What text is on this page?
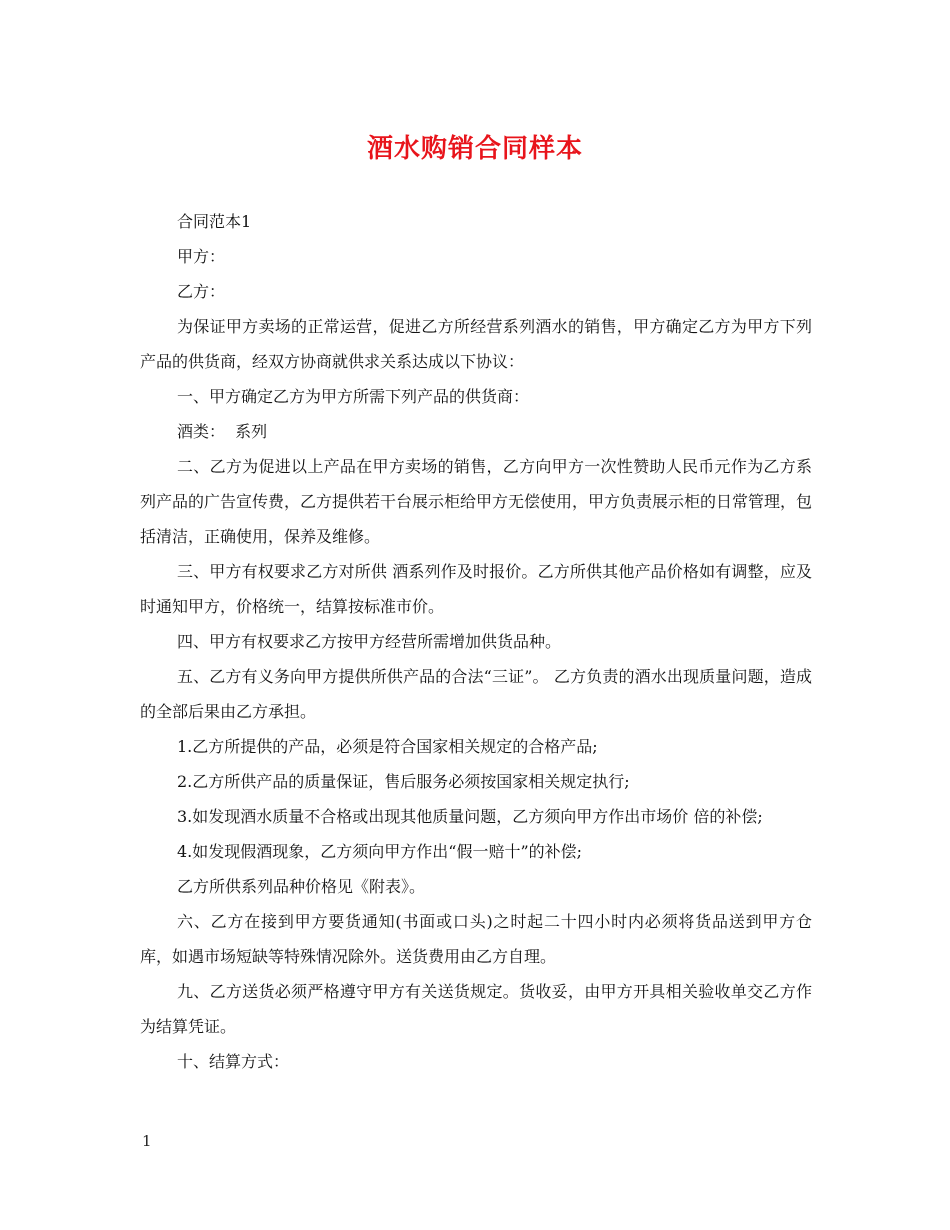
酒水购销合同样本

合同范本1

甲方：

乙方：

为保证甲方卖场的正常运营，促进乙方所经营系列酒水的销售，甲方确定乙方为甲方下列产品的供货商，经双方协商就供求关系达成以下协议：

一、甲方确定乙方为甲方所需下列产品的供货商：

酒类：  系列

二、乙方为促进以上产品在甲方卖场的销售，乙方向甲方一次性赞助人民币元作为乙方系列产品的广告宣传费，乙方提供若干台展示柜给甲方无偿使用，甲方负责展示柜的日常管理，包括清洁，正确使用，保养及维修。

三、甲方有权要求乙方对所供 酒系列作及时报价。乙方所供其他产品价格如有调整，应及时通知甲方，价格统一，结算按标准市价。

四、甲方有权要求乙方按甲方经营所需增加供货品种。

五、乙方有义务向甲方提供所供产品的合法“三证”。 乙方负责的酒水出现质量问题，造成的全部后果由乙方承担。

1.乙方所提供的产品，必须是符合国家相关规定的合格产品;

2.乙方所供产品的质量保证，售后服务必须按国家相关规定执行;

3.如发现酒水质量不合格或出现其他质量问题，乙方须向甲方作出市场价 倍的补偿;

4.如发现假酒现象，乙方须向甲方作出“假一赔十”的补偿;

乙方所供系列品种价格见《附表》。

六、乙方在接到甲方要货通知(书面或口头)之时起二十四小时内必须将货品送到甲方仓库，如遇市场短缺等特殊情况除外。送货费用由乙方自理。

九、乙方送货必须严格遵守甲方有关送货规定。货收妥，由甲方开具相关验收单交乙方作为结算凭证。

十、结算方式：

1
